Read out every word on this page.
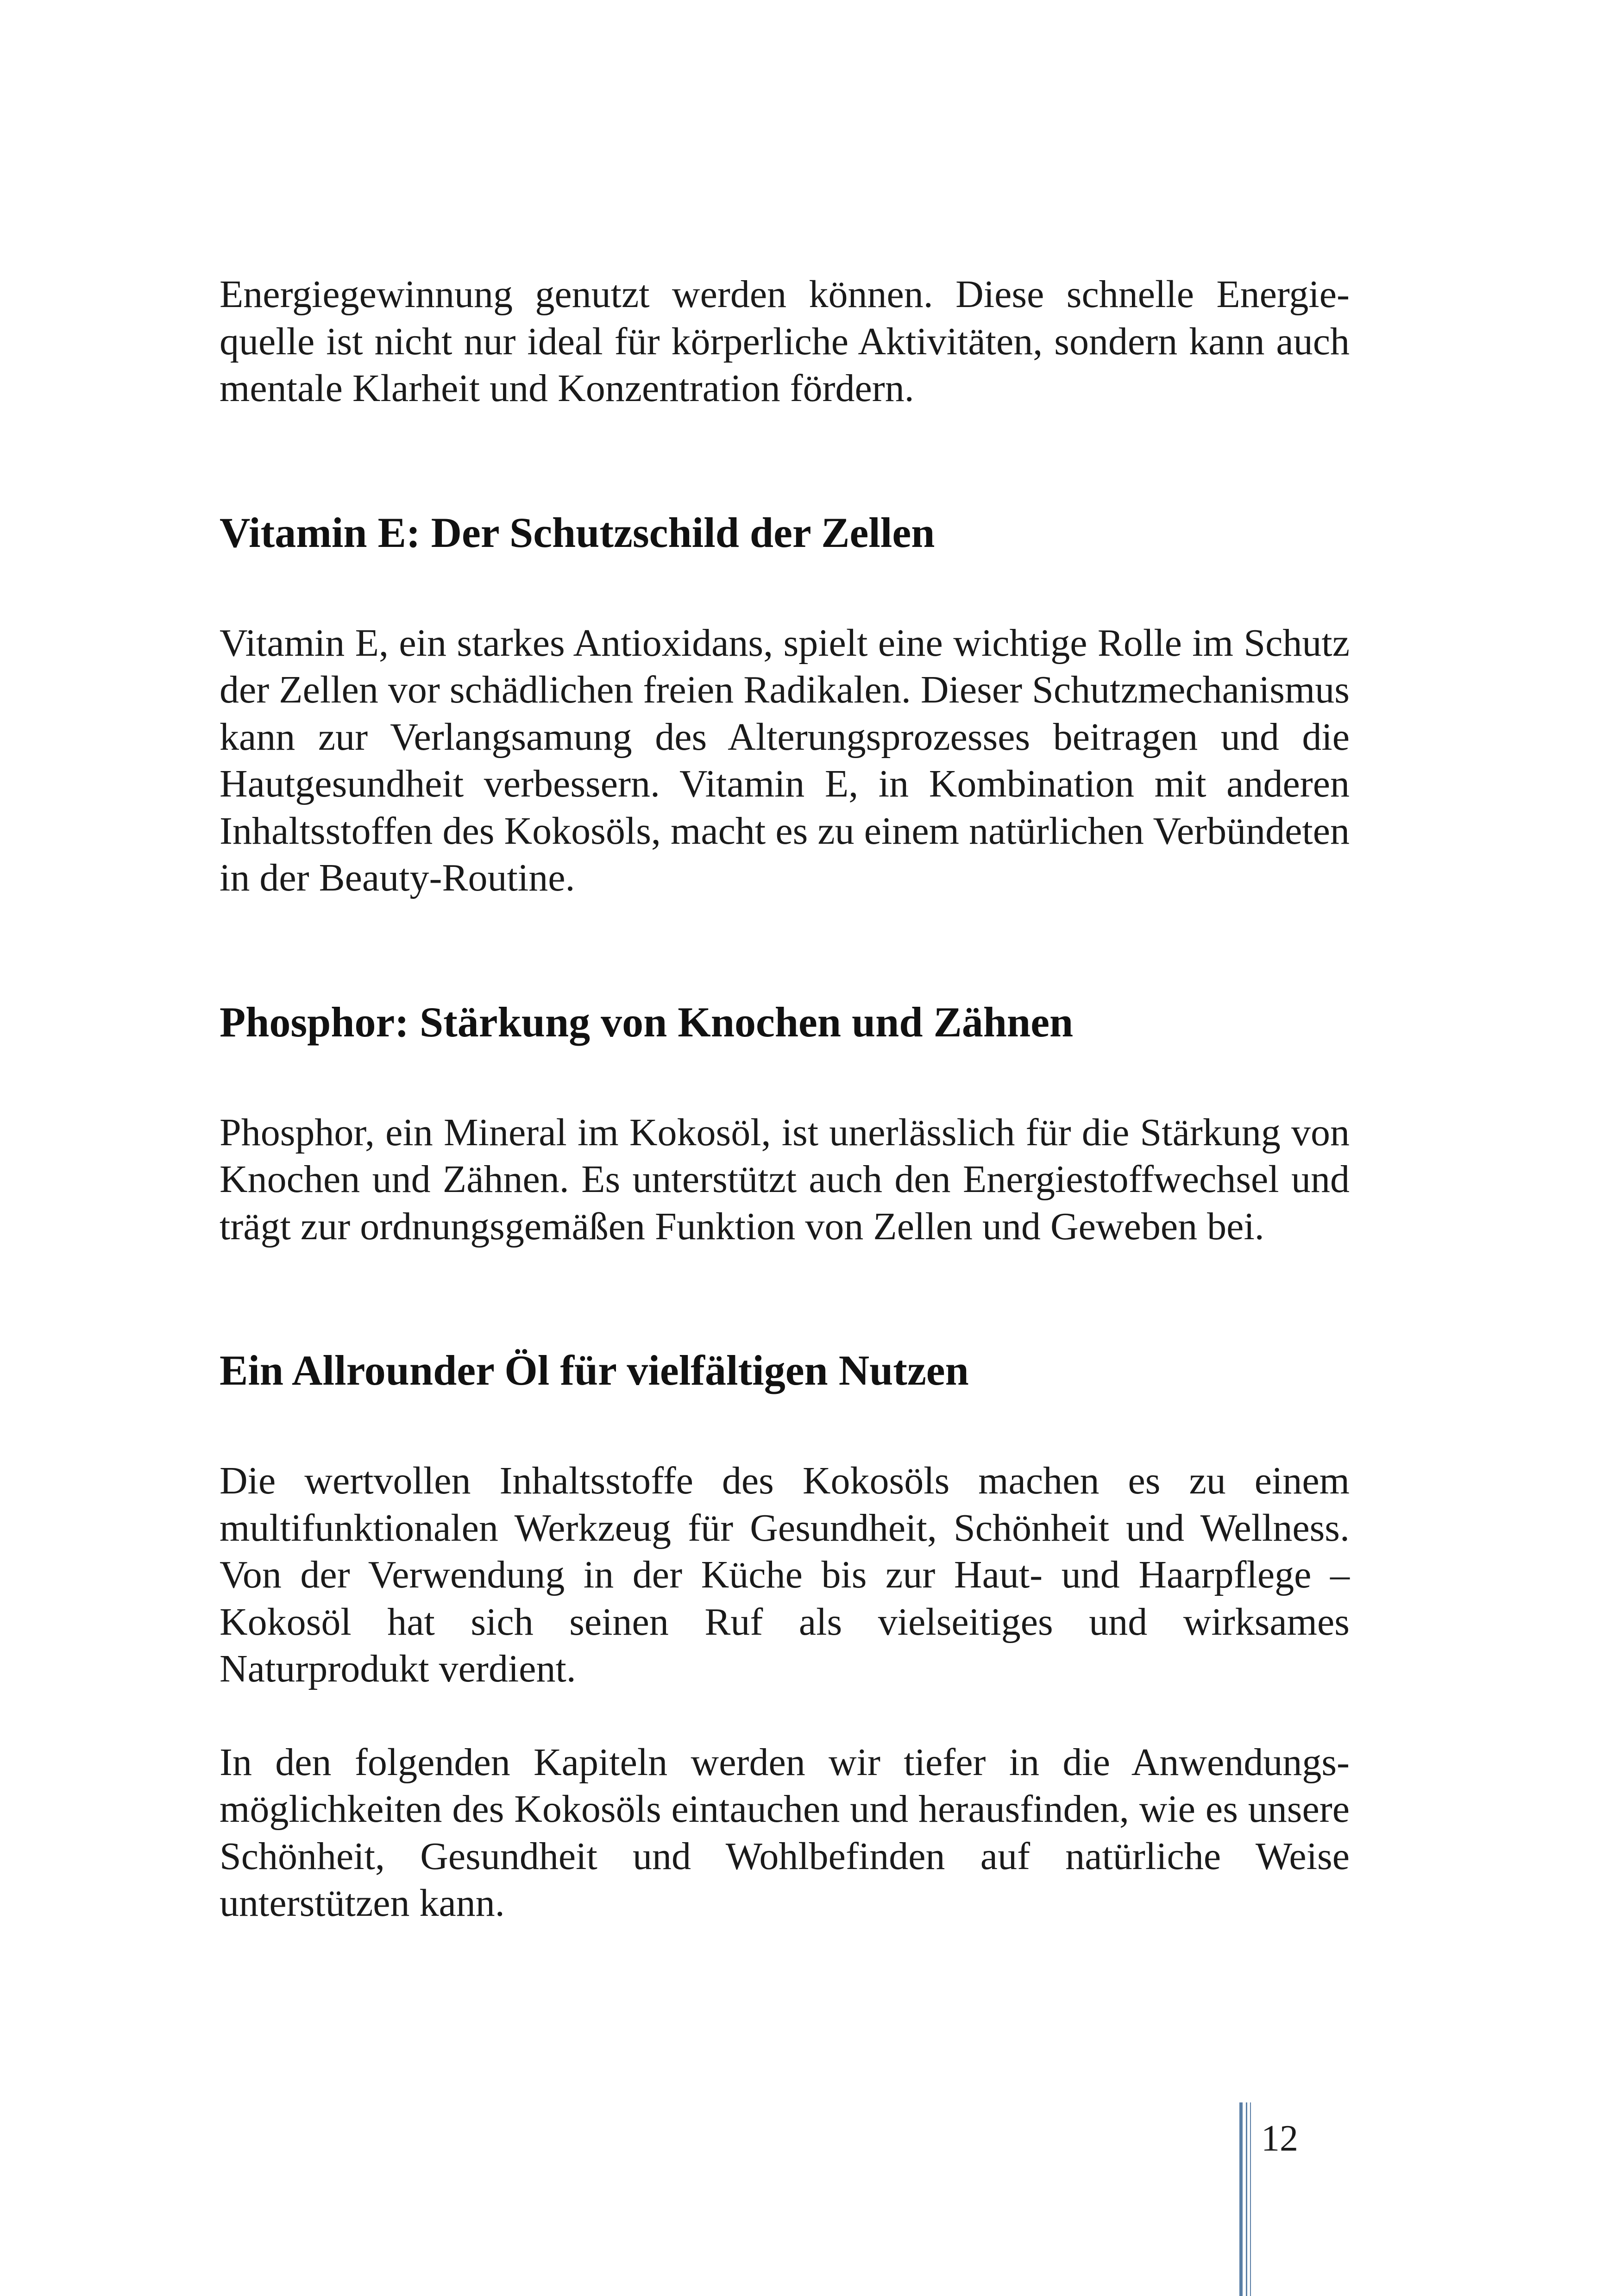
Energiegewinnung genutzt werden können. Diese schnelle Energiequelle ist nicht nur ideal für körperliche Aktivitäten, sondern kann auch mentale Klarheit und Konzentration fördern.

Vitamin E: Der Schutzschild der Zellen

Vitamin E, ein starkes Antioxidans, spielt eine wichtige Rolle im Schutz der Zellen vor schädlichen freien Radikalen. Dieser Schutzmechanismus kann zur Verlangsamung des Alterungsprozesses beitragen und die Hautgesundheit verbessern. Vitamin E, in Kombination mit anderen Inhaltsstoffen des Kokosöls, macht es zu einem natürlichen Verbündeten in der Beauty-Routine.

Phosphor: Stärkung von Knochen und Zähnen

Phosphor, ein Mineral im Kokosöl, ist unerlässlich für die Stärkung von Knochen und Zähnen. Es unterstützt auch den Energiestoffwechsel und trägt zur ordnungsgemäßen Funktion von Zellen und Geweben bei.

Ein Allrounder Öl für vielfältigen Nutzen

Die wertvollen Inhaltsstoffe des Kokosöls machen es zu einem multifunktionalen Werkzeug für Gesundheit, Schönheit und Wellness. Von der Verwendung in der Küche bis zur Haut- und Haarpflege – Kokosöl hat sich seinen Ruf als vielseitiges und wirksames Naturprodukt verdient.

In den folgenden Kapiteln werden wir tiefer in die Anwendungsmöglichkeiten des Kokosöls eintauchen und herausfinden, wie es unsere Schönheit, Gesundheit und Wohlbefinden auf natürliche Weise unterstützen kann.

12
